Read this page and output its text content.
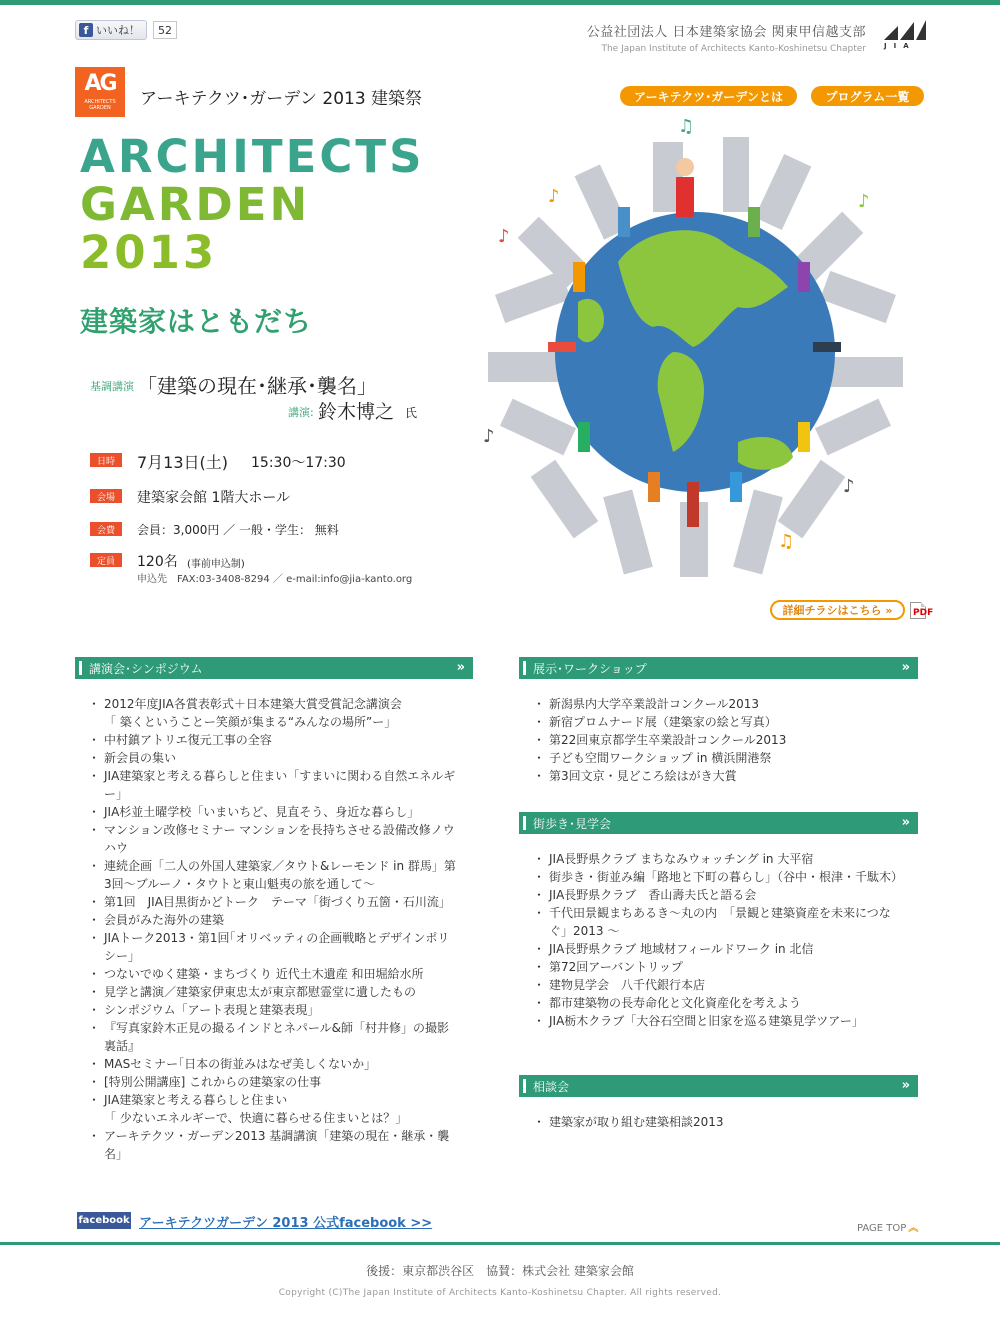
f いいね！	52	公益社団法人 日本建築家協会 関東甲信越支部
The Japan Institute of Architects Kanto-Koshinetsu Chapter	JIA
AG
ARCHITECTS GARDEN	アーキテクツ･ガーデン 2013 建築祭	アーキテクツ･ガーデンとは	プログラム一覧
ARCHITECTS
GARDEN
2013
建築家はともだち
基調講演 「建築の現在･継承･襲名」
講演: 鈴木博之 氏
日時	7月13日(土) 15:30～17:30
会場	建築家会館 1階大ホール
会費	会員：3,000円 ／ 一般・学生： 無料
定員	120名 (事前申込制)
申込先　FAX:03-3408-8294 ／ e-mail:info@jia-kanto.org
♫
♪	♪
♪
♪
♪
♫
詳細チラシはこちら »	PDF
講演会･シンポジウム	»
・ 2012年度JIA各賞表彰式＋日本建築大賞受賞記念講演会
「 築くということー笑顔が集まる“みんなの場所”ー」
・ 中村鎮アトリエ復元工事の全容
・ 新会員の集い
・ JIA建築家と考える暮らしと住まい「すまいに関わる自然エネルギー」
・ JIA杉並土曜学校「いまいちど、見直そう、身近な暮らし」
・ マンション改修セミナー マンションを長持ちさせる設備改修ノウハウ
・ 連続企画「二人の外国人建築家／タウト&レーモンド in 群馬」第3回〜ブルーノ・タウトと東山魁夷の旅を通して〜
・ 第1回　JIA目黒街かどトーク　テーマ「街づくり五箇・石川流」
・ 会員がみた海外の建築
・ JIAトーク2013・第1回｢オリベッティの企画戦略とデザインポリシー｣
・ つないでゆく建築・まちづくり 近代土木遺産 和田堀給水所
・ 見学と講演／建築家伊東忠太が東京都慰霊堂に遺したもの
・ シンポジウム「アート表現と建築表現」
・ 『写真家鈴木正見の撮るインドとネパール&師「村井修」の撮影裏話』
・ MASセミナー｢日本の街並みはなぜ美しくないか｣
・ [特別公開講座] これからの建築家の仕事
・ JIA建築家と考える暮らしと住まい
「 少ないエネルギーで、快適に暮らせる住まいとは？」
・ アーキテクツ・ガーデン2013 基調講演「建築の現在・継承・襲名」
展示･ワークショップ	»
・ 新潟県内大学卒業設計コンクール2013
・ 新宿プロムナード展（建築家の絵と写真）
・ 第22回東京都学生卒業設計コンクール2013
・ 子ども空間ワークショップ in 横浜開港祭
・ 第3回文京・見どころ絵はがき大賞
街歩き･見学会	»
・ JIA長野県クラブ まちなみウォッチング in 大平宿
・ 街歩き・街並み編「路地と下町の暮らし」（谷中・根津・千駄木）
・ JIA長野県クラブ　香山壽夫氏と語る会
・ 千代田景観まちあるき〜丸の内　「景観と建築資産を未来につなぐ」2013 〜
・ JIA長野県クラブ 地域材フィールドワーク in 北信
・ 第72回アーバントリップ
・ 建物見学会　八千代銀行本店
・ 都市建築物の長寿命化と文化資産化を考えよう
・ JIA栃木クラブ「大谷石空間と旧家を巡る建築見学ツアー」
相談会	»
・ 建築家が取り組む建築相談2013
facebook アーキテクツガーデン 2013 公式facebook >>	PAGE TOP ︽
後援：東京都渋谷区　協賛：株式会社 建築家会館
Copyright (C)The Japan Institute of Architects Kanto-Koshinetsu Chapter. All rights reserved.
